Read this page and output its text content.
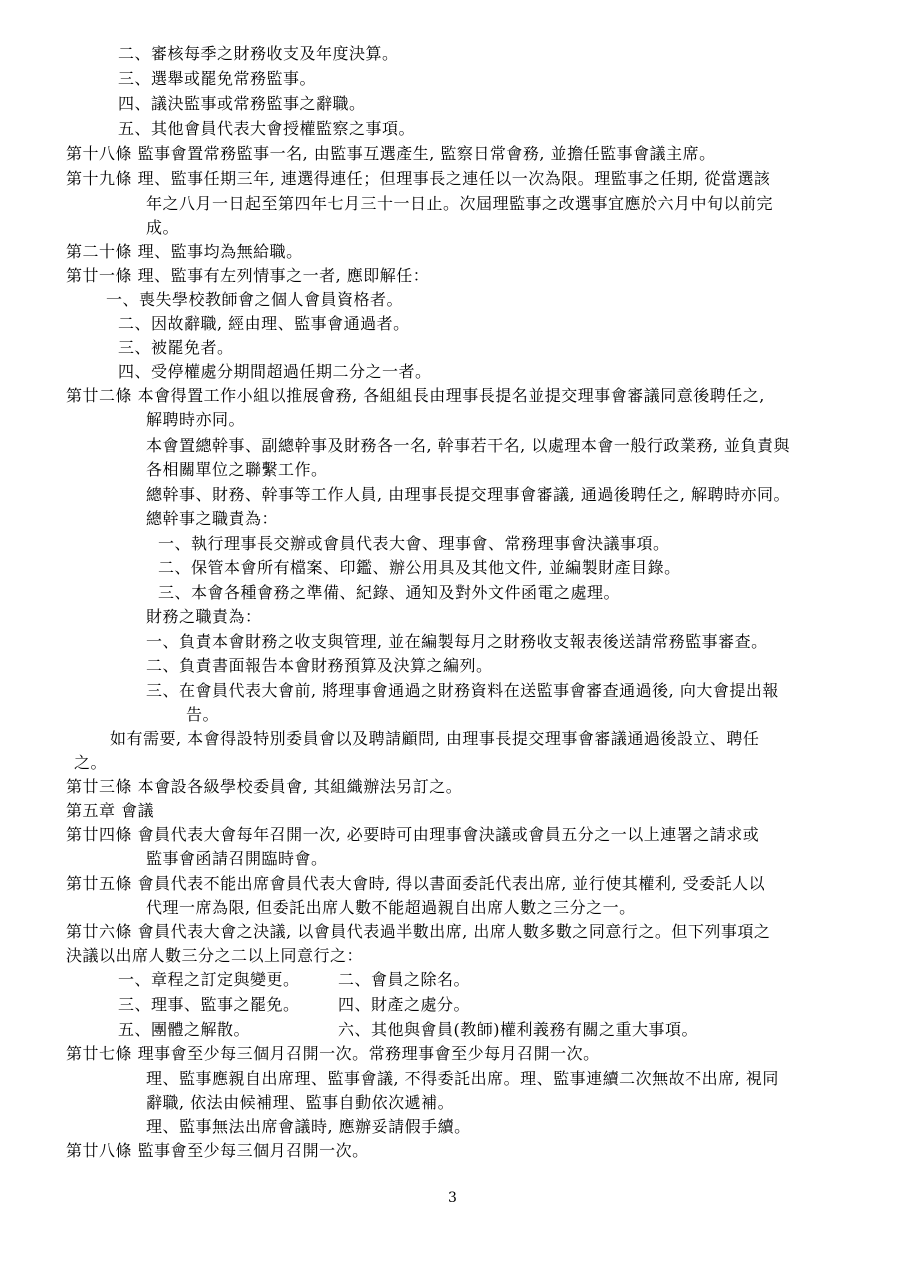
二、審核每季之財務收支及年度決算。
三、選舉或罷免常務監事。
四、議決監事或常務監事之辭職。
五、其他會員代表大會授權監察之事項。
第十八條 監事會置常務監事一名, 由監事互選產生, 監察日常會務, 並擔任監事會議主席。
第十九條 理、監事任期三年, 連選得連任；但理事長之連任以一次為限。理監事之任期, 從當選該
年之八月一日起至第四年七月三十一日止。次屆理監事之改選事宜應於六月中旬以前完
成。
第二十條 理、監事均為無給職。
第廿一條 理、監事有左列情事之一者, 應即解任：
一、喪失學校教師會之個人會員資格者。
二、因故辭職, 經由理、監事會通過者。
三、被罷免者。
四、受停權處分期間超過任期二分之一者。
第廿二條 本會得置工作小組以推展會務, 各組組長由理事長提名並提交理事會審議同意後聘任之,
解聘時亦同。
本會置總幹事、副總幹事及財務各一名, 幹事若干名, 以處理本會一般行政業務, 並負責與
各相關單位之聯繫工作。
總幹事、財務、幹事等工作人員, 由理事長提交理事會審議, 通過後聘任之, 解聘時亦同。
總幹事之職責為：
一、執行理事長交辦或會員代表大會、理事會、常務理事會決議事項。
二、保管本會所有檔案、印鑑、辦公用具及其他文件, 並編製財產目錄。
三、本會各種會務之準備、紀錄、通知及對外文件函電之處理。
財務之職責為：
一、負責本會財務之收支與管理, 並在編製每月之財務收支報表後送請常務監事審查。
二、負責書面報告本會財務預算及決算之編列。
三、在會員代表大會前, 將理事會通過之財務資料在送監事會審查通過後, 向大會提出報
告。
如有需要, 本會得設特別委員會以及聘請顧問, 由理事長提交理事會審議通過後設立、聘任
之。
第廿三條 本會設各級學校委員會, 其組織辦法另訂之。
第五章 會議
第廿四條 會員代表大會每年召開一次, 必要時可由理事會決議或會員五分之一以上連署之請求或
監事會函請召開臨時會。
第廿五條 會員代表不能出席會員代表大會時, 得以書面委託代表出席, 並行使其權利, 受委託人以
代理一席為限, 但委託出席人數不能超過親自出席人數之三分之一。
第廿六條 會員代表大會之決議, 以會員代表過半數出席, 出席人數多數之同意行之。但下列事項之
決議以出席人數三分之二以上同意行之：
一、章程之訂定與變更。 二、會員之除名。
三、理事、監事之罷免。 四、財產之處分。
五、團體之解散。	六、其他與會員(教師)權利義務有關之重大事項。
第廿七條 理事會至少每三個月召開一次。常務理事會至少每月召開一次。
理、監事應親自出席理、監事會議, 不得委託出席。理、監事連續二次無故不出席, 視同
辭職, 依法由候補理、監事自動依次遞補。
理、監事無法出席會議時, 應辦妥請假手續。
第廿八條 監事會至少每三個月召開一次。
3
